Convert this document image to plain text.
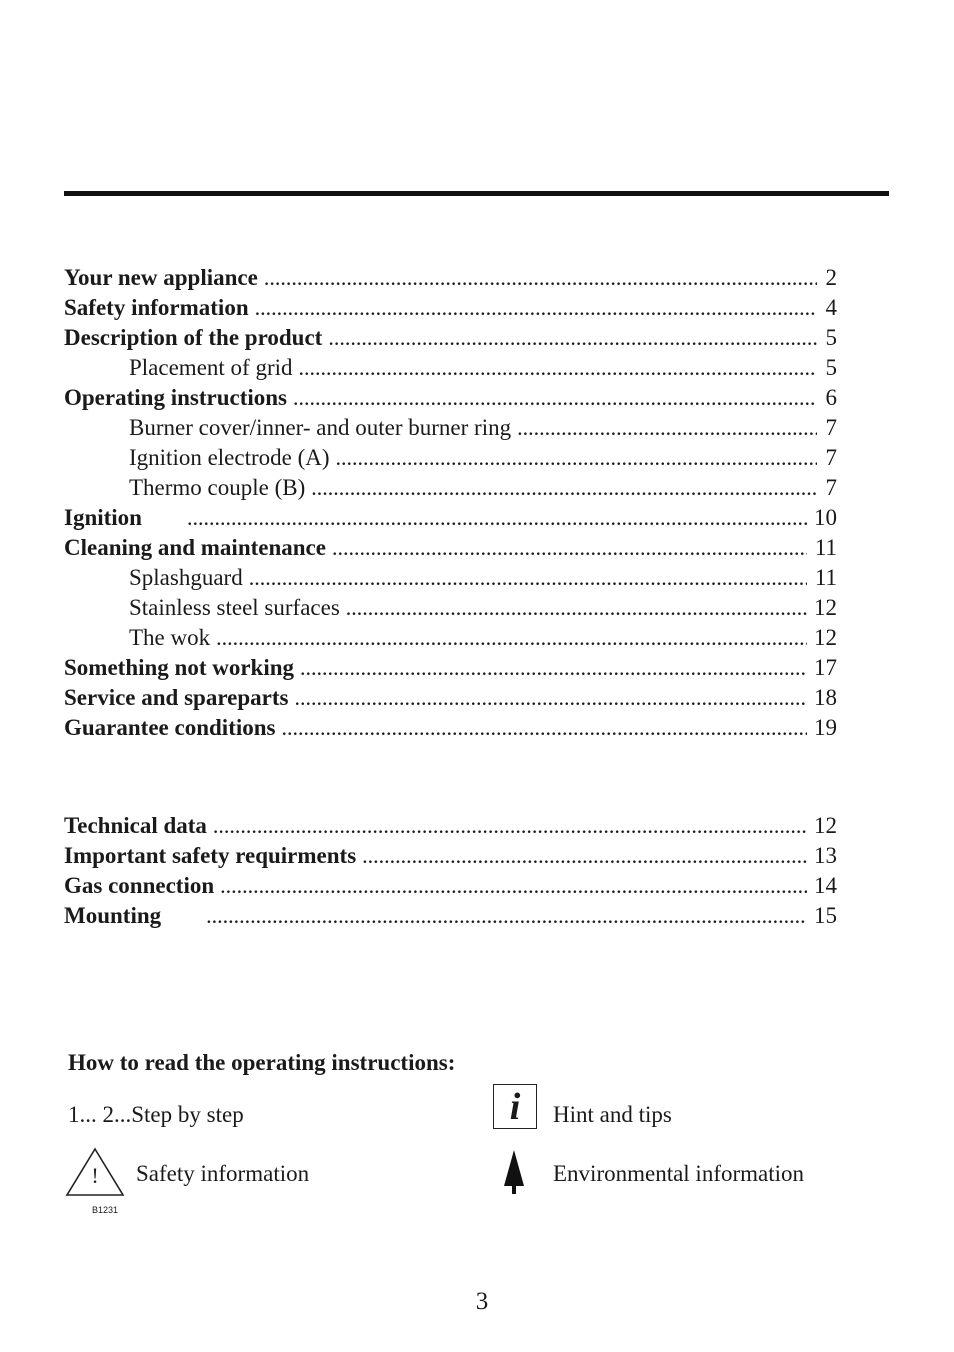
Your new appliance .....	2
Safety information .....	4
Description of the product .....	5
Placement of grid .....	5
Operating instructions .....	6
Burner cover/inner- and outer burner ring .....	7
Ignition electrode (A) .....	7
Thermo couple (B) .....	7
Ignition .....	10
Cleaning and maintenance .....	11
Splashguard .....	11
Stainless steel surfaces .....	12
The wok .....	12
Something not working .....	17
Service and spareparts .....	18
Guarantee conditions .....	19
Technical data .....	12
Important safety requirments .....	13
Gas connection .....	14
Mounting .....	15
How to read the operating instructions:
1... 2...Step by step	i	Hint and tips
!
B1231
Safety information	Environmental information
3
